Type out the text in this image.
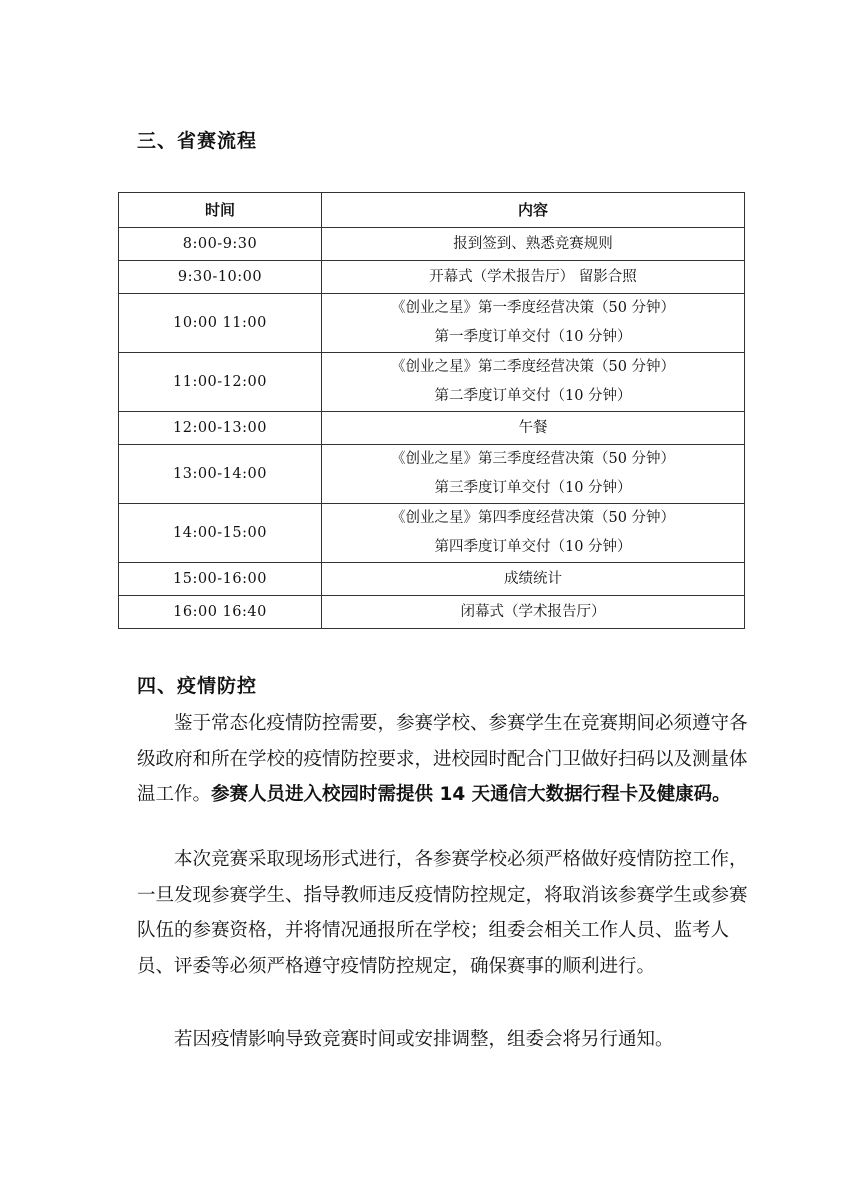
三、省赛流程
时间	内容
8:00-9:30	报到签到、熟悉竞赛规则

9:30-10:00	开幕式（学术报告厅） 留影合照

10:00 11:00	《创业之星》第一季度经营决策（50 分钟）
第一季度订单交付（10 分钟）

11:00-12:00	《创业之星》第二季度经营决策（50 分钟）
第二季度订单交付（10 分钟）

12:00-13:00	午餐

13:00-14:00	《创业之星》第三季度经营决策（50 分钟）
第三季度订单交付（10 分钟）

14:00-15:00	《创业之星》第四季度经营决策（50 分钟）
第四季度订单交付（10 分钟）

15:00-16:00	成绩统计

16:00 16:40	闭幕式（学术报告厅）
四、疫情防控

鉴于常态化疫情防控需要，参赛学校、参赛学生在竞赛期间必须遵守各级政府和所在学校的疫情防控要求，进校园时配合门卫做好扫码以及测量体温工作。参赛人员进入校园时需提供 14 天通信大数据行程卡及健康码。

本次竞赛采取现场形式进行，各参赛学校必须严格做好疫情防控工作，一旦发现参赛学生、指导教师违反疫情防控规定，将取消该参赛学生或参赛队伍的参赛资格，并将情况通报所在学校；组委会相关工作人员、监考人员、评委等必须严格遵守疫情防控规定，确保赛事的顺利进行。

若因疫情影响导致竞赛时间或安排调整，组委会将另行通知。
